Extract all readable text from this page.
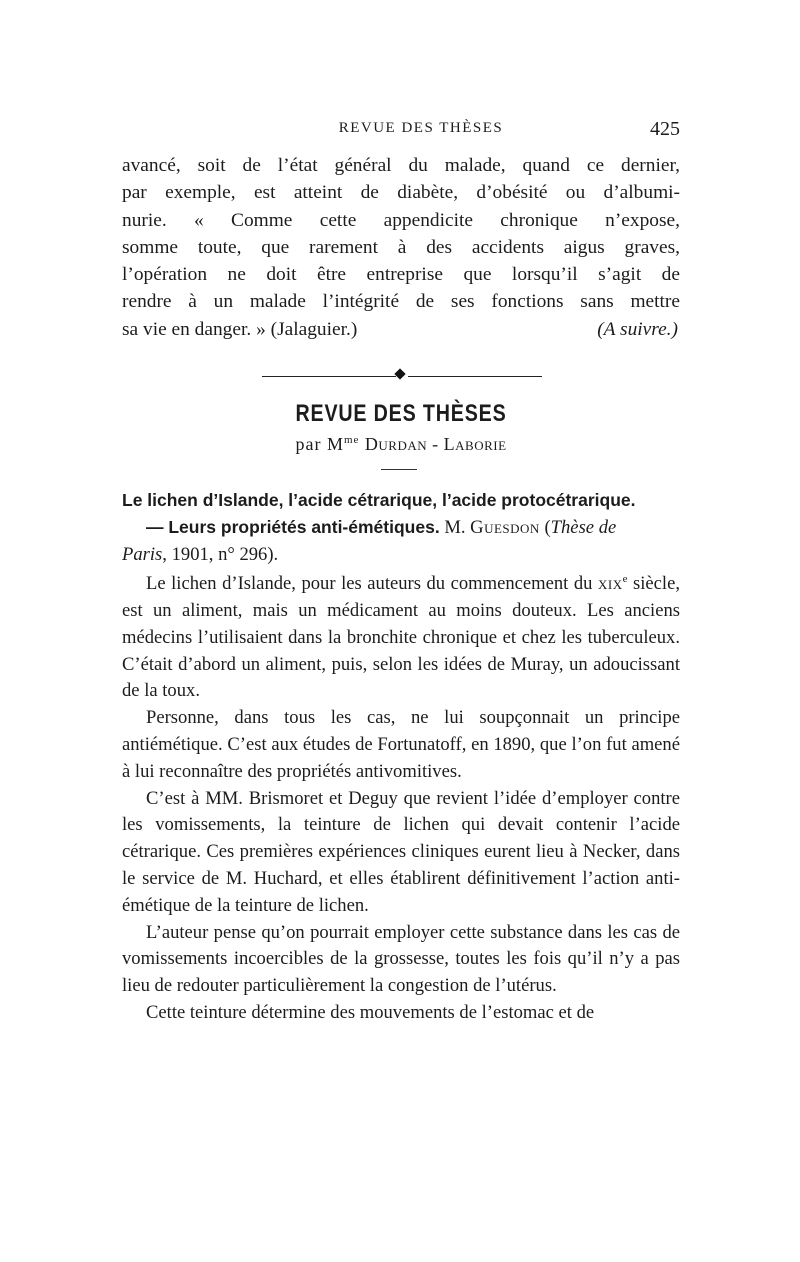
REVUE DES THÈSES	425
avancé, soit de l’état général du malade, quand ce dernier,
par exemple, est atteint de diabète, d’obésité ou d’albumi-
nurie. « Comme cette appendicite chronique n’expose,
somme toute, que rarement à des accidents aigus graves,
l’opération ne doit être entreprise que lorsqu’il s’agit de
rendre à un malade l’intégrité de ses fonctions sans mettre
sa vie en danger. » (Jalaguier.)	(A suivre.)
REVUE DES THÈSES
par $M^{me}$ Durdan - Laborie
Le lichen d’Islande, l’acide cétrarique, l’acide protocétrarique.
— Leurs propriétés anti-émétiques. M. Guesdon (Thèse de
Paris, 1901, n° 296).

Le lichen d’Islande, pour les auteurs du commencement du xix$^e$ siècle, est un aliment, mais un médicament au moins douteux. Les anciens médecins l’utilisaient dans la bronchite chronique et chez les tuberculeux. C’était d’abord un aliment, puis, selon les idées de Muray, un adoucissant de la toux.

Personne, dans tous les cas, ne lui soupçonnait un principe antiémétique. C’est aux études de Fortunatoff, en 1890, que l’on fut amené à lui reconnaître des propriétés antivomitives.

C’est à MM. Brismoret et Deguy que revient l’idée d’employer contre les vomissements, la teinture de lichen qui devait contenir l’acide cétrarique. Ces premières expériences cliniques eurent lieu à Necker, dans le service de M. Huchard, et elles établirent définitivement l’action anti-émétique de la teinture de lichen.

L’auteur pense qu’on pourrait employer cette substance dans les cas de vomissements incoercibles de la grossesse, toutes les fois qu’il n’y a pas lieu de redouter particulièrement la congestion de l’utérus.

Cette teinture détermine des mouvements de l’estomac et de
